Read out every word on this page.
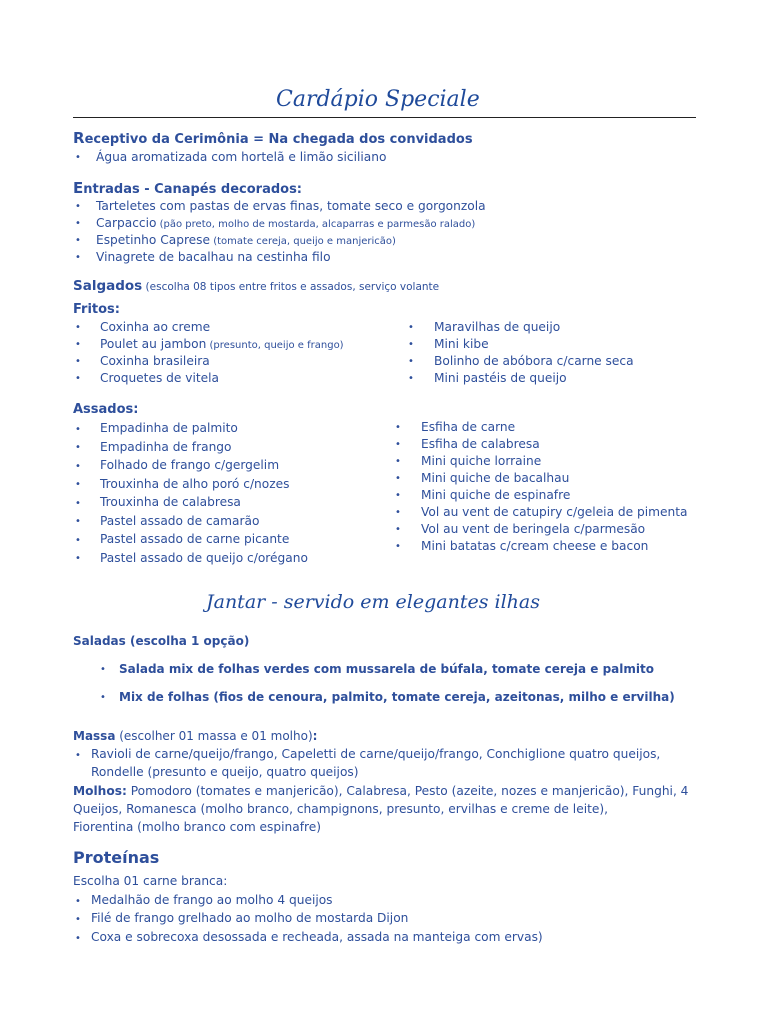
Cardápio Speciale
Receptivo da Cerimônia = Na chegada dos convidados
• Água aromatizada com hortelã e limão siciliano
Entradas - Canapés decorados:
• Tarteletes com pastas de ervas finas, tomate seco e gorgonzola
• Carpaccio (pão preto, molho de mostarda, alcaparras e parmesão ralado)
• Espetinho Caprese (tomate cereja, queijo e manjericão)
• Vinagrete de bacalhau na cestinha filo
Salgados (escolha 08 tipos entre fritos e assados, serviço volante
Fritos:
• Coxinha ao creme
• Poulet au jambon (presunto, queijo e frango)
• Coxinha brasileira
• Croquetes de vitela
• Maravilhas de queijo
• Mini kibe
• Bolinho de abóbora c/carne seca
• Mini pastéis de queijo
Assados:
• Empadinha de palmito
• Empadinha de frango
• Folhado de frango c/gergelim
• Trouxinha de alho poró c/nozes
• Trouxinha de calabresa
• Pastel assado de camarão
• Pastel assado de carne picante
• Pastel assado de queijo c/orégano
• Esfiha de carne
• Esfiha de calabresa
• Mini quiche lorraine
• Mini quiche de bacalhau
• Mini quiche de espinafre
• Vol au vent de catupiry c/geleia de pimenta
• Vol au vent de beringela c/parmesão
• Mini batatas c/cream cheese e bacon
Jantar - servido em elegantes ilhas
Saladas (escolha 1 opção)
• Salada mix de folhas verdes com mussarela de búfala, tomate cereja e palmito
• Mix de folhas (fios de cenoura, palmito, tomate cereja, azeitonas, milho e ervilha)
Massa (escolher 01 massa e 01 molho):
• Ravioli de carne/queijo/frango, Capeletti de carne/queijo/frango, Conchiglione quatro queijos,
Rondelle (presunto e queijo, quatro queijos)
Molhos: Pomodoro (tomates e manjericão), Calabresa, Pesto (azeite, nozes e manjericão), Funghi, 4
Queijos, Romanesca (molho branco, champignons, presunto, ervilhas e creme de leite),
Fiorentina (molho branco com espinafre)
Proteínas
Escolha 01 carne branca:
• Medalhão de frango ao molho 4 queijos
• Filé de frango grelhado ao molho de mostarda Dijon
• Coxa e sobrecoxa desossada e recheada, assada na manteiga com ervas)
